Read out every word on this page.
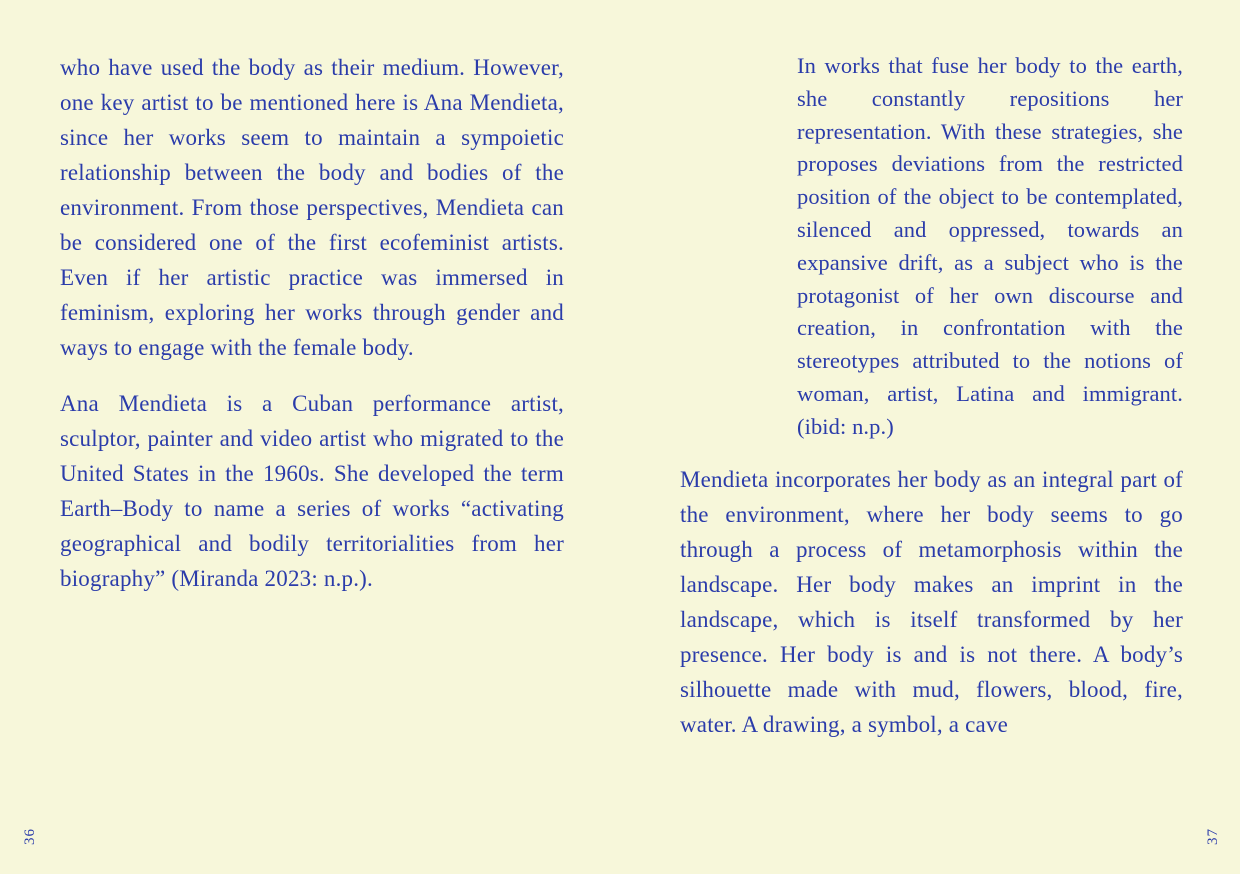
who have used the body as their medium. However, one key artist to be mentioned here is Ana Mendieta, since her works seem to maintain a sympoietic relationship between the body and bodies of the environment. From those perspectives, Mendieta can be considered one of the first ecofeminist artists. Even if her artistic practice was immersed in feminism, exploring her works through gender and ways to engage with the female body.

Ana Mendieta is a Cuban performance artist, sculptor, painter and video artist who migrated to the United States in the 1960s. She developed the term Earth–Body to name a series of works “activating geographical and bodily territorialities from her biography” (Miranda 2023: n.p.).

36
In works that fuse her body to the earth, she constantly repositions her representation. With these strategies, she proposes deviations from the restricted position of the object to be contemplated, silenced and oppressed, towards an expansive drift, as a subject who is the protagonist of her own discourse and creation, in confrontation with the stereotypes attributed to the notions of woman, artist, Latina and immigrant. (ibid: n.p.)

Mendieta incorporates her body as an integral part of the environment, where her body seems to go through a process of metamorphosis within the landscape. Her body makes an imprint in the landscape, which is itself transformed by her presence. Her body is and is not there. A body’s silhouette made with mud, flowers, blood, fire, water. A drawing, a symbol, a cave

37
